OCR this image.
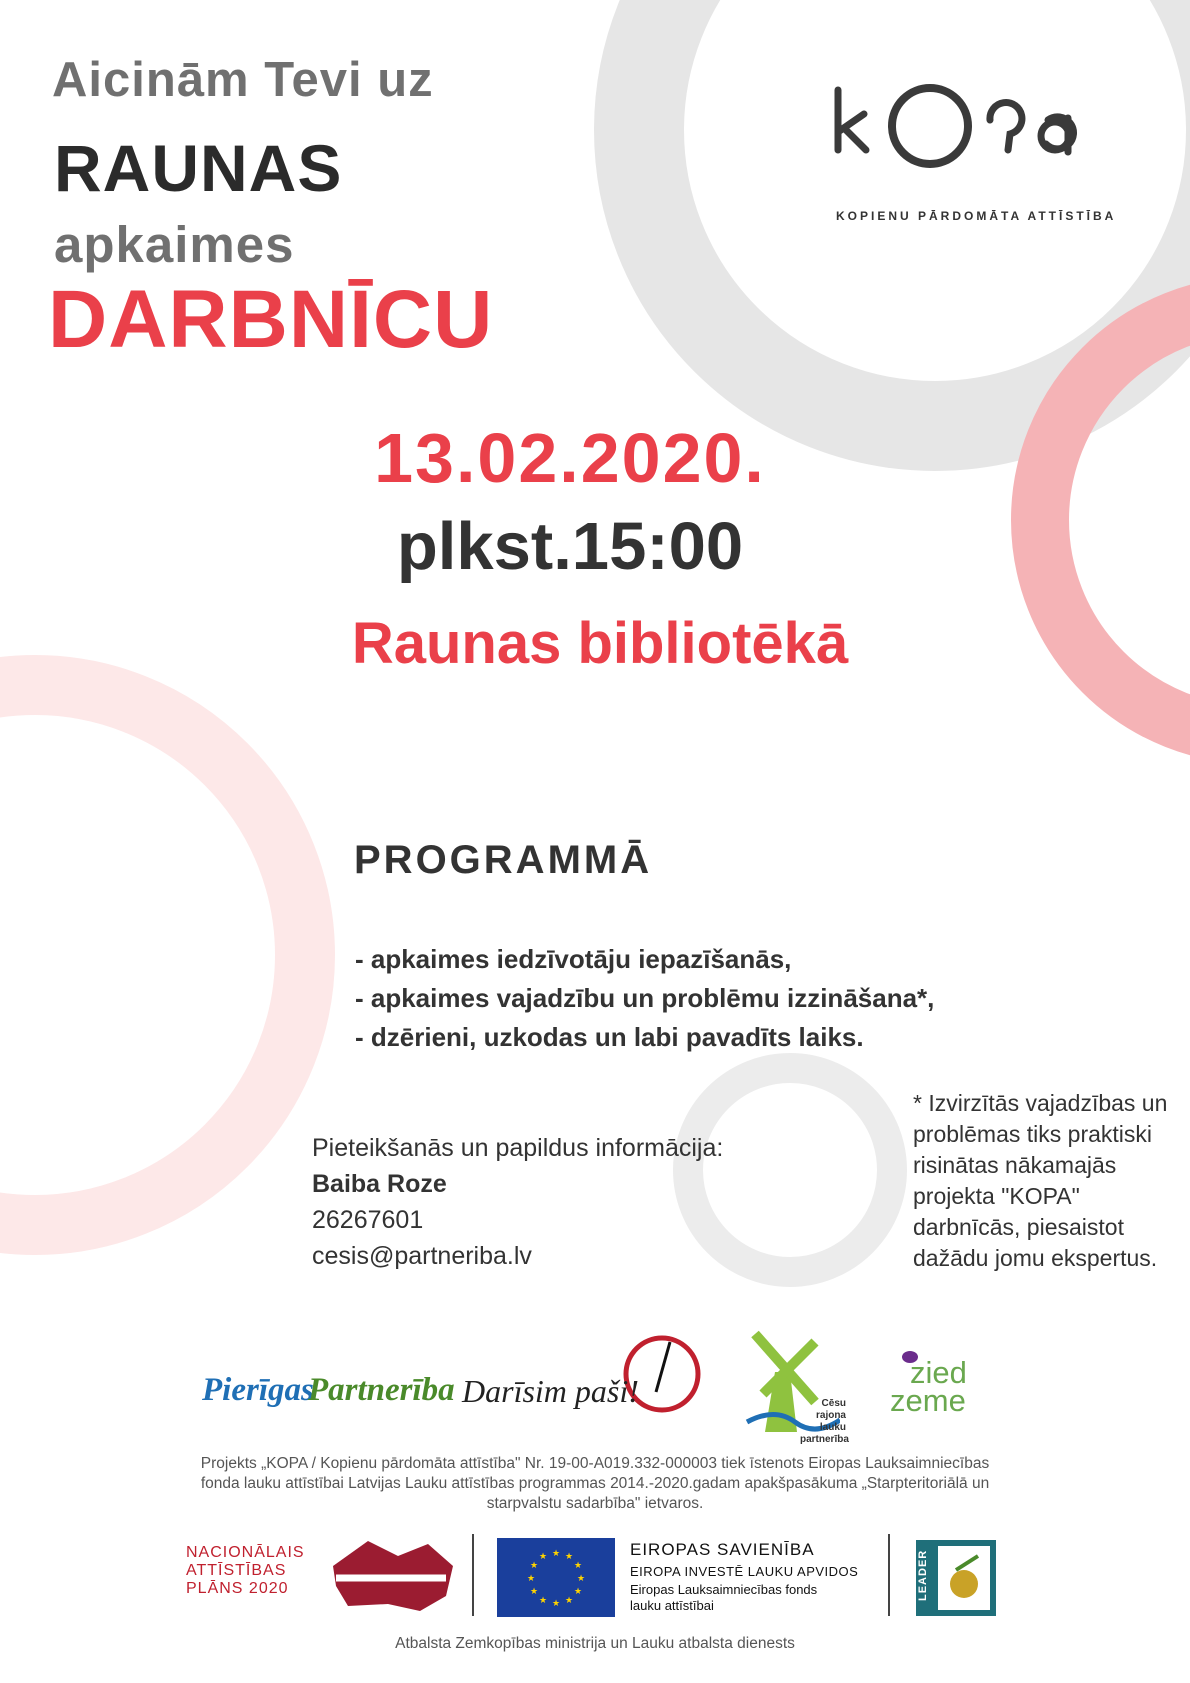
Aicinām Tevi uz
RAUNAS
apkaimes
DARBNĪCU
KOPIENU PĀRDOMĀTA ATTĪSTĪBA
13.02.2020.
plkst.15:00
Raunas bibliotēkā
PROGRAMMĀ
- apkaimes iedzīvotāju iepazīšanās,
- apkaimes vajadzību un problēmu izzināšana*,
- dzērieni, uzkodas un labi pavadīts laiks.
Pieteikšanās un papildus informācija:
Baiba Roze
26267601
cesis@partneriba.lv
* Izvirzītās vajadzības un problēmas tiks praktiski risinātas nākamajās projekta "KOPA" darbnīcās, piesaistot dažādu jomu ekspertus.
Pierīgas
Partnerība Darīsim paši!	Cēsu
rajona lauku
partnerība
zied
zeme
Projekts „KOPA / Kopienu pārdomāta attīstība" Nr. 19-00-A019.332-000003 tiek īstenots Eiropas Lauksaimniecības fonda lauku attīstībai Latvijas Lauku attīstības programmas 2014.-2020.gadam apakšpasākuma „Starpteritoriālā un starpvalstu sadarbība" ietvaros.
NACIONĀLAIS
ATTĪSTĪBAS
PLĀNS 2020
★ ★
★
★
★
★
★
★
★
★
★
★	EIROPAS SAVIENĪBA
EIROPA INVESTĒ LAUKU APVIDOS
Eiropas Lauksaimniecības fonds
lauku attīstībai
LEADER
Atbalsta Zemkopības ministrija un Lauku atbalsta dienests
